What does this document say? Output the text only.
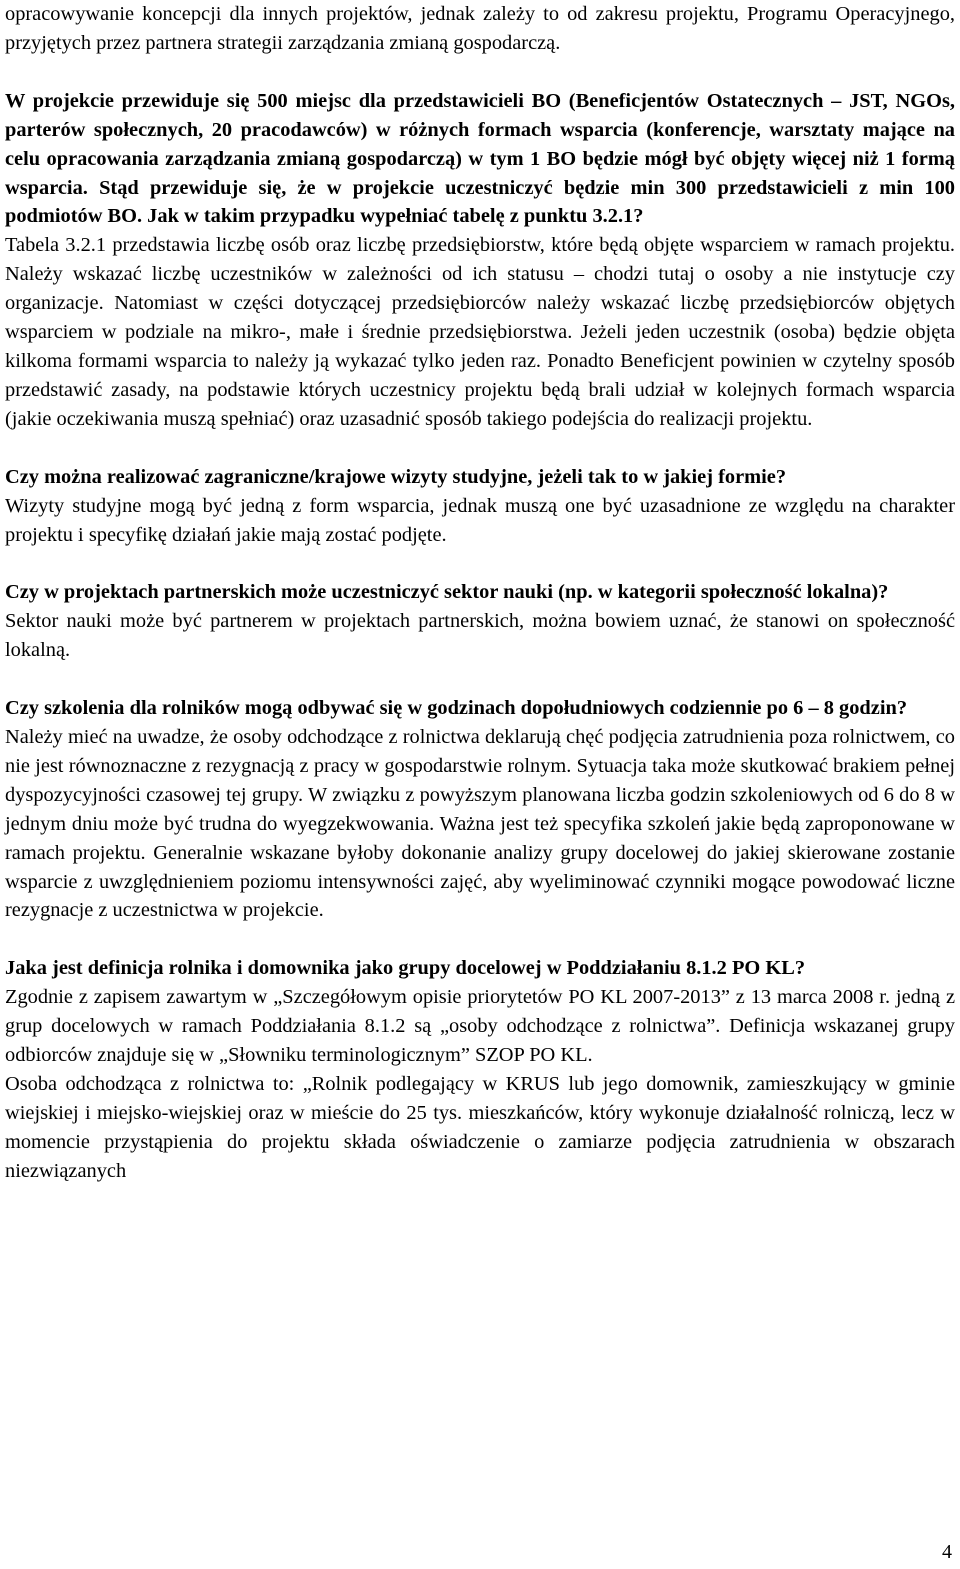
opracowywanie koncepcji dla innych projektów, jednak zależy to od zakresu projektu, Programu Operacyjnego, przyjętych przez partnera strategii zarządzania zmianą gospodarczą.

W projekcie przewiduje się 500 miejsc dla przedstawicieli BO (Beneficjentów Ostatecznych – JST, NGOs, parterów społecznych, 20 pracodawców) w różnych formach wsparcia (konferencje, warsztaty mające na celu opracowania zarządzania zmianą gospodarczą) w tym 1 BO będzie mógł być objęty więcej niż 1 formą wsparcia. Stąd przewiduje się, że w projekcie uczestniczyć będzie min 300 przedstawicieli z min 100 podmiotów BO. Jak w takim przypadku wypełniać tabelę z punktu 3.2.1?

Tabela 3.2.1 przedstawia liczbę osób oraz liczbę przedsiębiorstw, które będą objęte wsparciem w ramach projektu. Należy wskazać liczbę uczestników w zależności od ich statusu – chodzi tutaj o osoby a nie instytucje czy organizacje. Natomiast w części dotyczącej przedsiębiorców należy wskazać liczbę przedsiębiorców objętych wsparciem w podziale na mikro-, małe i średnie przedsiębiorstwa. Jeżeli jeden uczestnik (osoba) będzie objęta kilkoma formami wsparcia to należy ją wykazać tylko jeden raz. Ponadto Beneficjent powinien w czytelny sposób przedstawić zasady, na podstawie których uczestnicy projektu będą brali udział w kolejnych formach wsparcia (jakie oczekiwania muszą spełniać) oraz uzasadnić sposób takiego podejścia do realizacji projektu.

Czy można realizować zagraniczne/krajowe wizyty studyjne, jeżeli tak to w jakiej formie?

Wizyty studyjne mogą być jedną z form wsparcia, jednak muszą one być uzasadnione ze względu na charakter projektu i specyfikę działań jakie mają zostać podjęte.

Czy w projektach partnerskich może uczestniczyć sektor nauki (np. w kategorii społeczność lokalna)?

Sektor nauki może być partnerem w projektach partnerskich, można bowiem uznać, że stanowi on społeczność lokalną.

Czy szkolenia dla rolników mogą odbywać się w godzinach dopołudniowych codziennie po 6 – 8 godzin?

Należy mieć na uwadze, że osoby odchodzące z rolnictwa deklarują chęć podjęcia zatrudnienia poza rolnictwem, co nie jest równoznaczne z rezygnacją z pracy w gospodarstwie rolnym. Sytuacja taka może skutkować brakiem pełnej dyspozycyjności czasowej tej grupy. W związku z powyższym planowana liczba godzin szkoleniowych od 6 do 8 w jednym dniu może być trudna do wyegzekwowania. Ważna jest też specyfika szkoleń jakie będą zaproponowane w ramach projektu. Generalnie wskazane byłoby dokonanie analizy grupy docelowej do jakiej skierowane zostanie wsparcie z uwzględnieniem poziomu intensywności zajęć, aby wyeliminować czynniki mogące powodować liczne rezygnacje z uczestnictwa w projekcie.

Jaka jest definicja rolnika i domownika jako grupy docelowej w Poddziałaniu 8.1.2 PO KL?

Zgodnie z zapisem zawartym w „Szczegółowym opisie priorytetów PO KL 2007-2013” z 13 marca 2008 r. jedną z grup docelowych w ramach Poddziałania 8.1.2 są „osoby odchodzące z rolnictwa”. Definicja wskazanej grupy odbiorców znajduje się w „Słowniku terminologicznym” SZOP PO KL.

Osoba odchodząca z rolnictwa to: „Rolnik podlegający w KRUS lub jego domownik, zamieszkujący w gminie wiejskiej i miejsko-wiejskiej oraz w mieście do 25 tys. mieszkańców, który wykonuje działalność rolniczą, lecz w momencie przystąpienia do projektu składa oświadczenie o zamiarze podjęcia zatrudnienia w obszarach niezwiązanych

4
